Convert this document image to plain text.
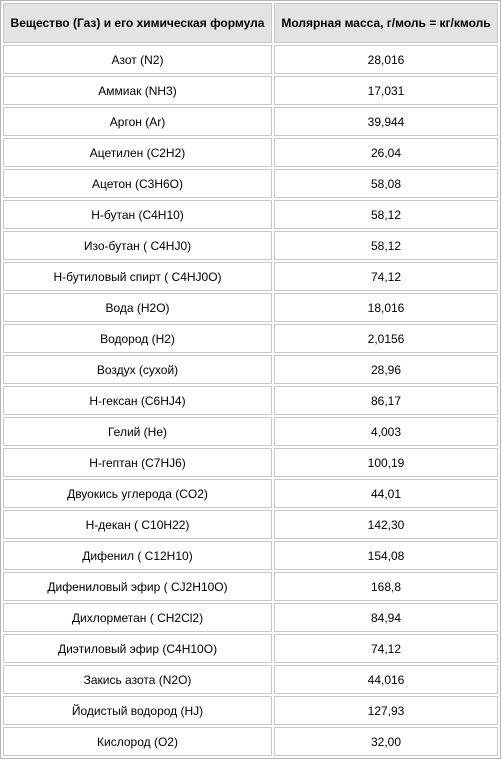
Вещество (Газ) и его химическая формула	Молярная масса, г/моль = кг/кмоль
Азот (N2)	28,016
Аммиак (NH3)	17,031
Аргон (Ar)	39,944
Ацетилен (C2H2)	26,04
Ацетон (C3H6O)	58,08
Н-бутан (C4H10)	58,12
Изо-бутан ( C4HJ0)	58,12
Н-бутиловый спирт ( C4HJ0O)	74,12
Вода (H2O)	18,016
Водород (H2)	2,0156
Воздух (сухой)	28,96
Н-гексан (C6HJ4)	86,17
Гелий (He)	4,003
Н-гептан (C7HJ6)	100,19
Двуокись углерода (CO2)	44,01
Н-декан ( C10H22)	142,30
Дифенил ( C12H10)	154,08
Дифениловый эфир ( CJ2H10O)	168,8
Дихлорметан ( CH2Cl2)	84,94
Диэтиловый эфир (C4H10O)	74,12
Закись азота (N2O)	44,016
Йодистый водород (HJ)	127,93
Кислород (O2)	32,00
